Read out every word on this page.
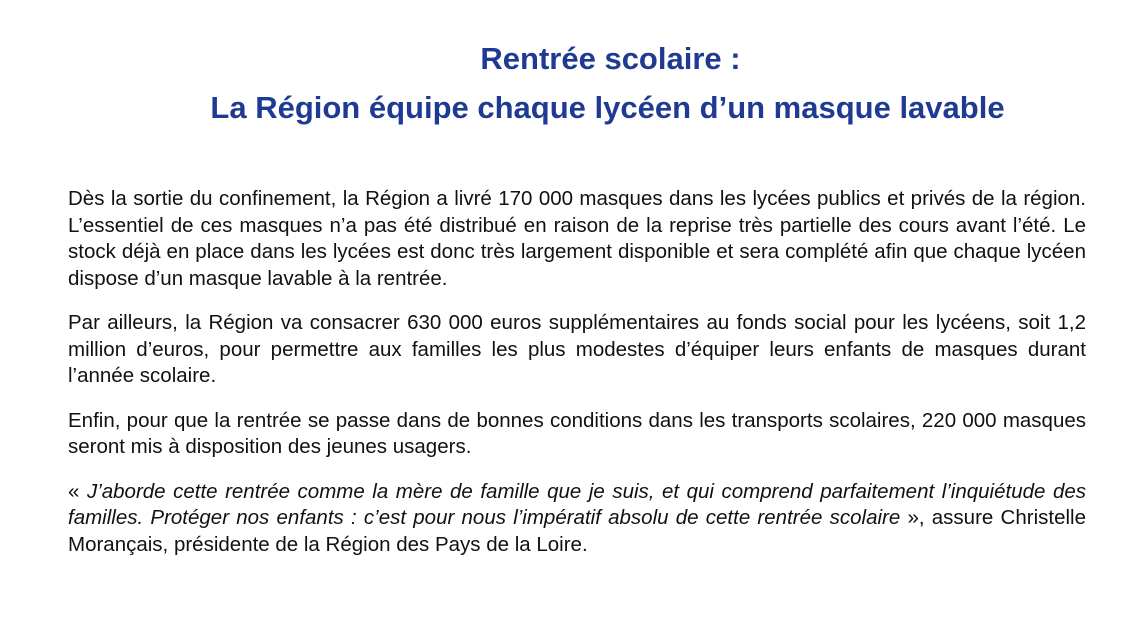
Rentrée scolaire :
La Région équipe chaque lycéen d’un masque lavable

Dès la sortie du confinement, la Région a livré 170 000 masques dans les lycées publics et privés de la région. L’essentiel de ces masques n’a pas été distribué en raison de la reprise très partielle des cours avant l’été. Le stock déjà en place dans les lycées est donc très largement disponible et sera complété afin que chaque lycéen dispose d’un masque lavable à la rentrée.

Par ailleurs, la Région va consacrer 630 000 euros supplémentaires au fonds social pour les lycéens, soit 1,2 million d’euros, pour permettre aux familles les plus modestes d’équiper leurs enfants de masques durant l’année scolaire.

Enfin, pour que la rentrée se passe dans de bonnes conditions dans les transports scolaires, 220 000 masques seront mis à disposition des jeunes usagers.

« J’aborde cette rentrée comme la mère de famille que je suis, et qui comprend parfaitement l’inquiétude des familles. Protéger nos enfants : c’est pour nous l’impératif absolu de cette rentrée scolaire », assure Christelle Morançais, présidente de la Région des Pays de la Loire.
